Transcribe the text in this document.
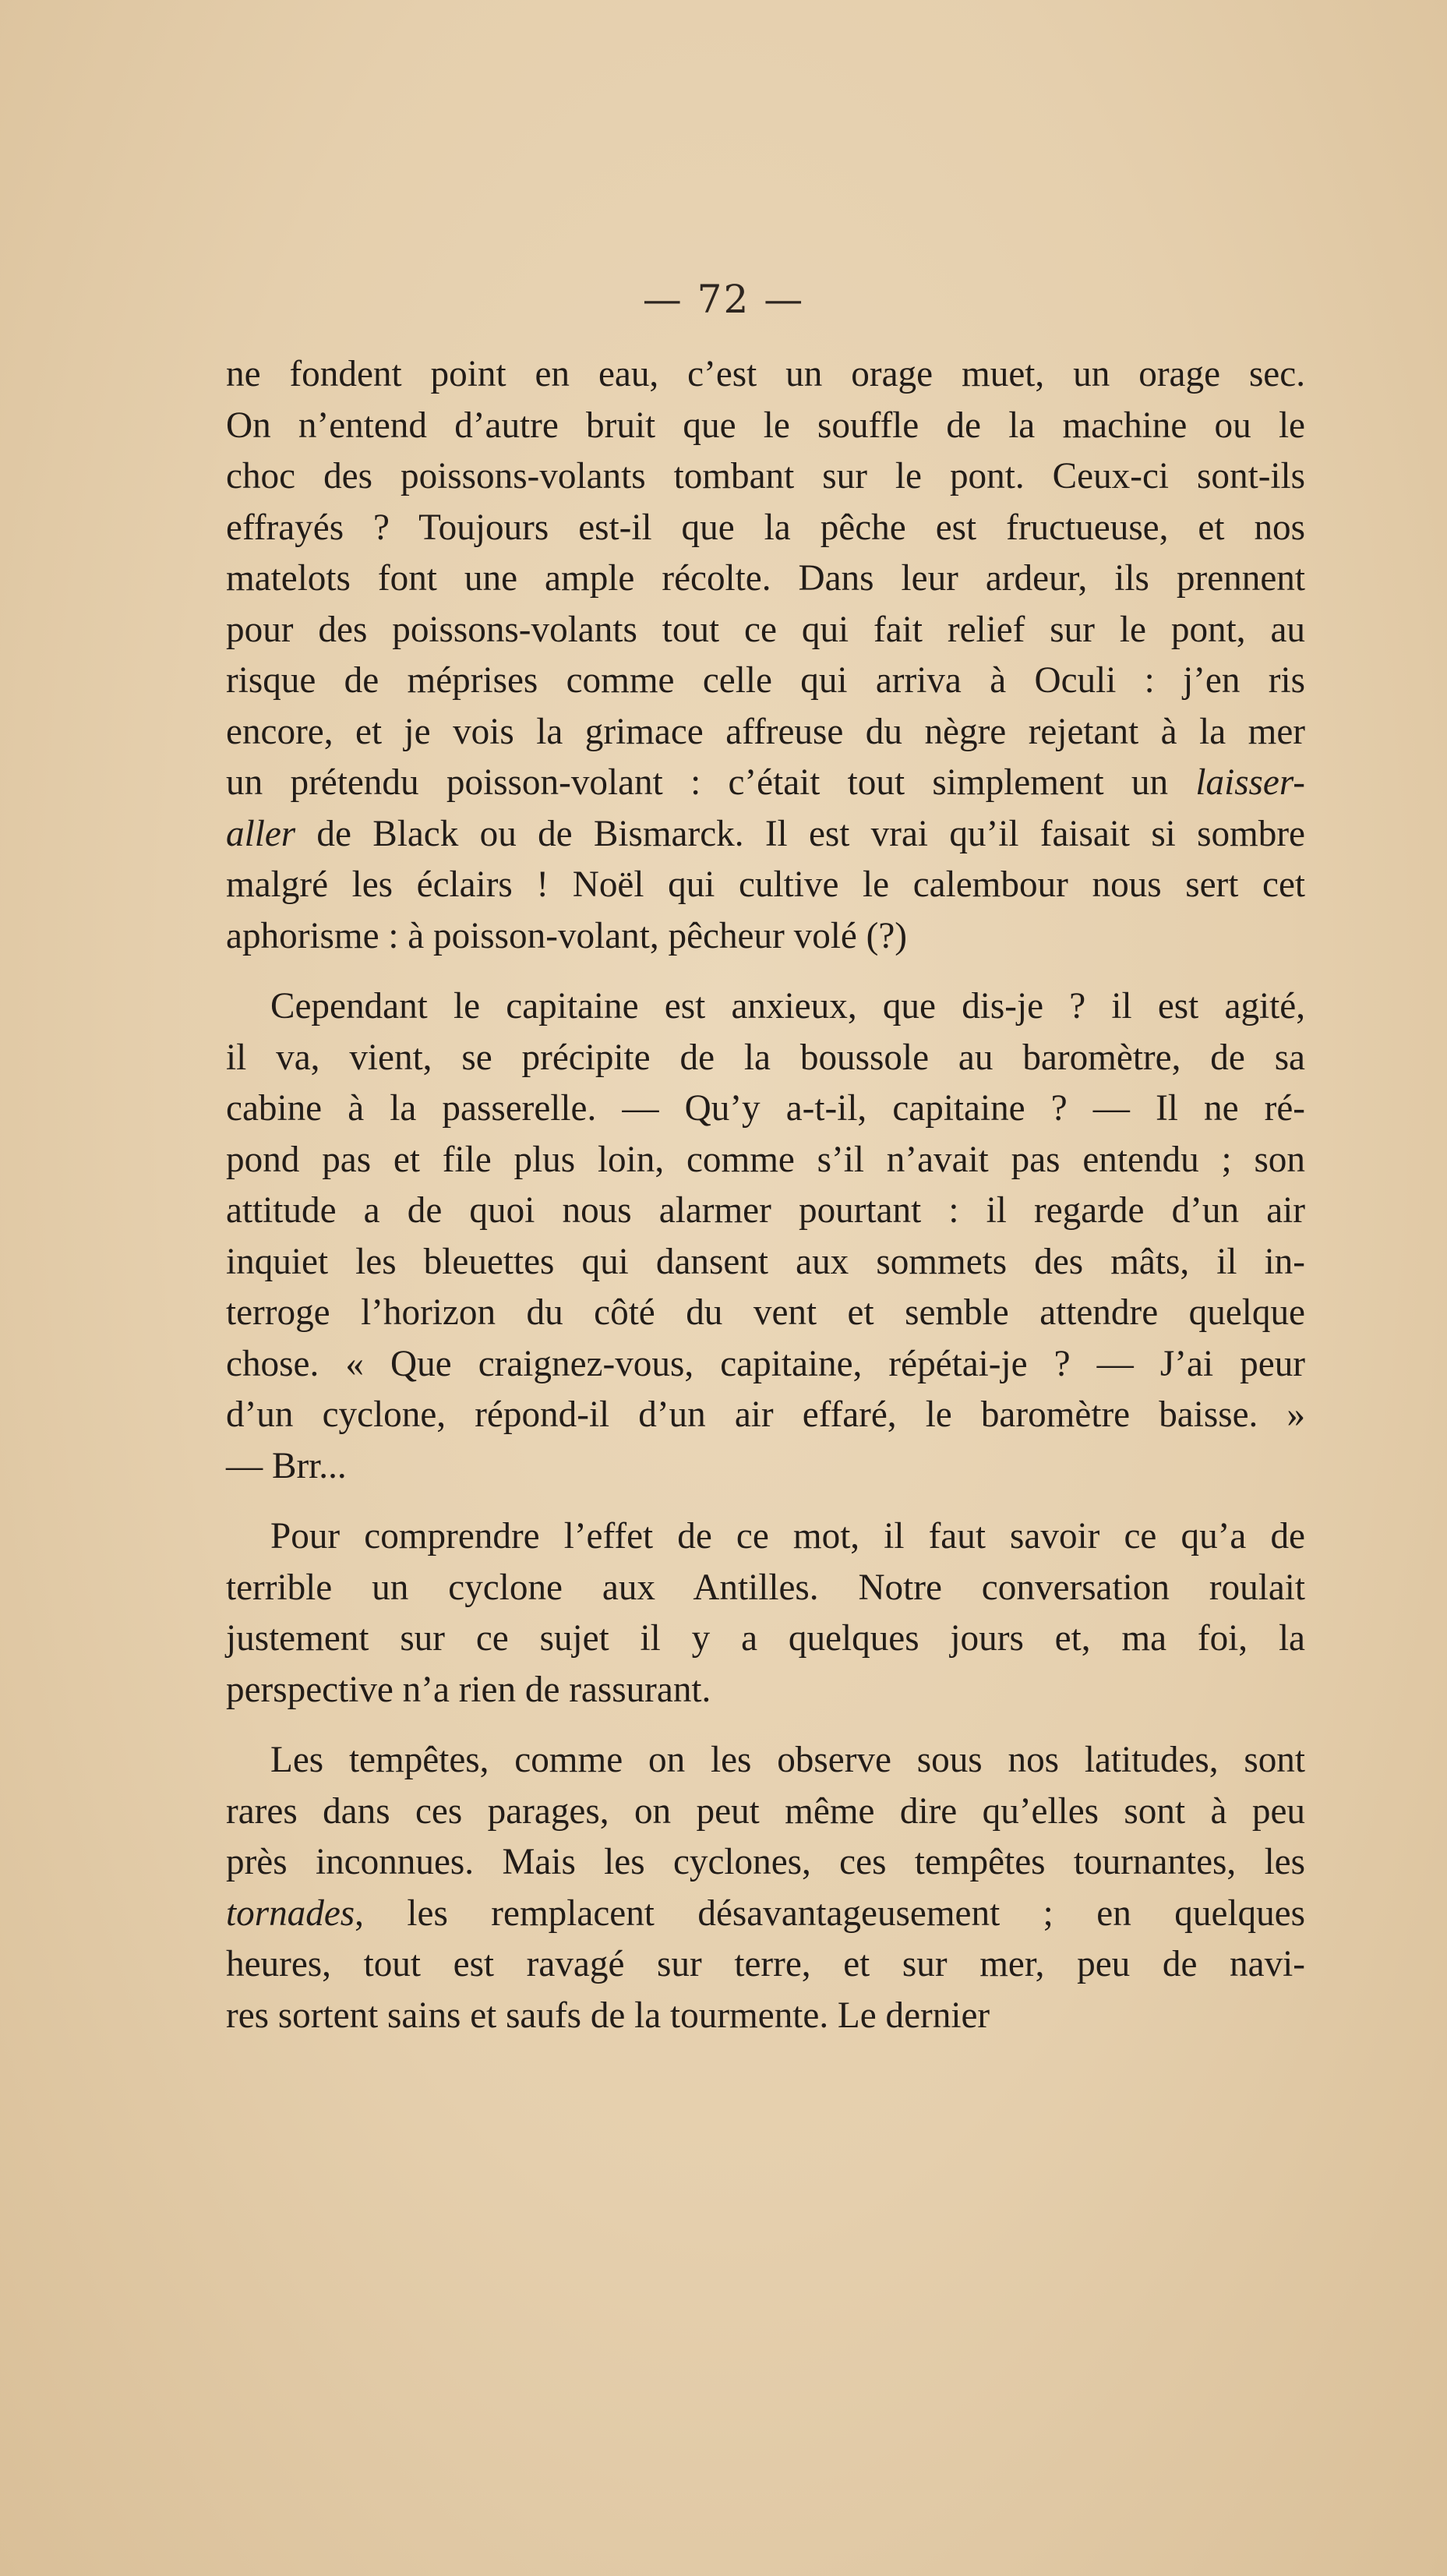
— 72 —
ne fondent point en eau, c’est un orage muet, un orage sec.
On n’entend d’autre bruit que le souffle de la machine ou le
choc des poissons-volants tombant sur le pont. Ceux-ci sont-ils
effrayés ? Toujours est-il que la pêche est fructueuse, et nos
matelots font une ample récolte. Dans leur ardeur, ils prennent
pour des poissons-volants tout ce qui fait relief sur le pont, au
risque de méprises comme celle qui arriva à Oculi : j’en ris
encore, et je vois la grimace affreuse du nègre rejetant à la mer
un prétendu poisson-volant : c’était tout simplement un laisser-
aller de Black ou de Bismarck. Il est vrai qu’il faisait si sombre
malgré les éclairs ! Noël qui cultive le calembour nous sert cet
aphorisme : à poisson-volant, pêcheur volé (?)
Cependant le capitaine est anxieux, que dis-je ? il est agité,
il va, vient, se précipite de la boussole au baromètre, de sa
cabine à la passerelle. — Qu’y a-t-il, capitaine ? — Il ne ré-
pond pas et file plus loin, comme s’il n’avait pas entendu ; son
attitude a de quoi nous alarmer pourtant : il regarde d’un air
inquiet les bleuettes qui dansent aux sommets des mâts, il in-
terroge l’horizon du côté du vent et semble attendre quelque
chose. « Que craignez-vous, capitaine, répétai-je ? — J’ai peur
d’un cyclone, répond-il d’un air effaré, le baromètre baisse. »
— Brr...
Pour comprendre l’effet de ce mot, il faut savoir ce qu’a de
terrible un cyclone aux Antilles. Notre conversation roulait
justement sur ce sujet il y a quelques jours et, ma foi, la
perspective n’a rien de rassurant.
Les tempêtes, comme on les observe sous nos latitudes, sont
rares dans ces parages, on peut même dire qu’elles sont à peu
près inconnues. Mais les cyclones, ces tempêtes tournantes, les
tornades, les remplacent désavantageusement ; en quelques
heures, tout est ravagé sur terre, et sur mer, peu de navi-
res sortent sains et saufs de la tourmente. Le dernier
